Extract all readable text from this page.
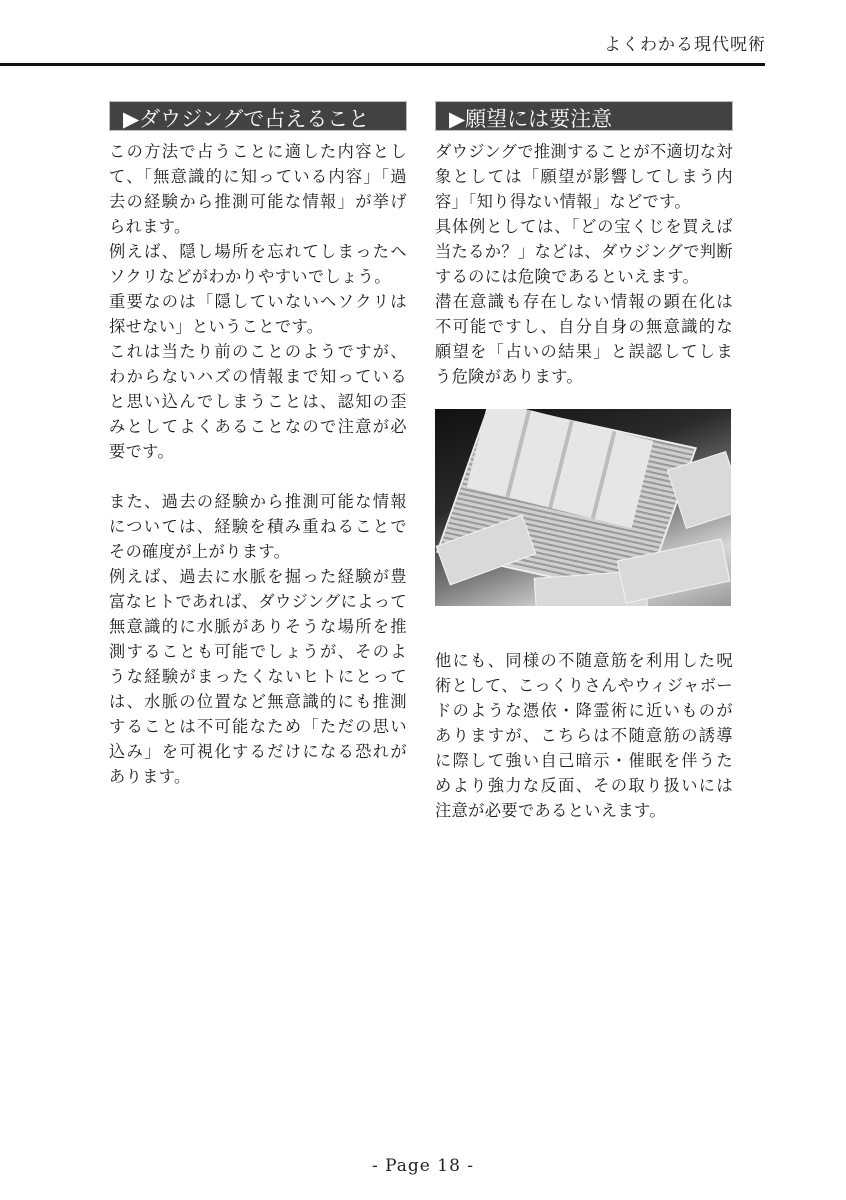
よくわかる現代呪術
▶ダウジングで占えること

この方法で占うことに適した内容として、「無意識的に知っている内容」「過去の経験から推測可能な情報」が挙げられます。

例えば、隠し場所を忘れてしまったヘソクリなどがわかりやすいでしょう。

重要なのは「隠していないヘソクリは探せない」ということです。

これは当たり前のことのようですが、わからないハズの情報まで知っていると思い込んでしまうことは、認知の歪みとしてよくあることなので注意が必要です。

また、過去の経験から推測可能な情報については、経験を積み重ねることでその確度が上がります。

例えば、過去に水脈を掘った経験が豊富なヒトであれば、ダウジングによって無意識的に水脈がありそうな場所を推測することも可能でしょうが、そのような経験がまったくないヒトにとっては、水脈の位置など無意識的にも推測することは不可能なため「ただの思い込み」を可視化するだけになる恐れがあります。

▶願望には要注意

ダウジングで推測することが不適切な対象としては「願望が影響してしまう内容」「知り得ない情報」などです。

具体例としては、「どの宝くじを買えば当たるか？」などは、ダウジングで判断するのには危険であるといえます。

潜在意識も存在しない情報の顕在化は不可能ですし、自分自身の無意識的な願望を「占いの結果」と誤認してしまう危険があります。

他にも、同様の不随意筋を利用した呪術として、こっくりさんやウィジャボードのような憑依・降霊術に近いものがありますが、こちらは不随意筋の誘導に際して強い自己暗示・催眠を伴うためより強力な反面、その取り扱いには注意が必要であるといえます。

- Page 18 -
